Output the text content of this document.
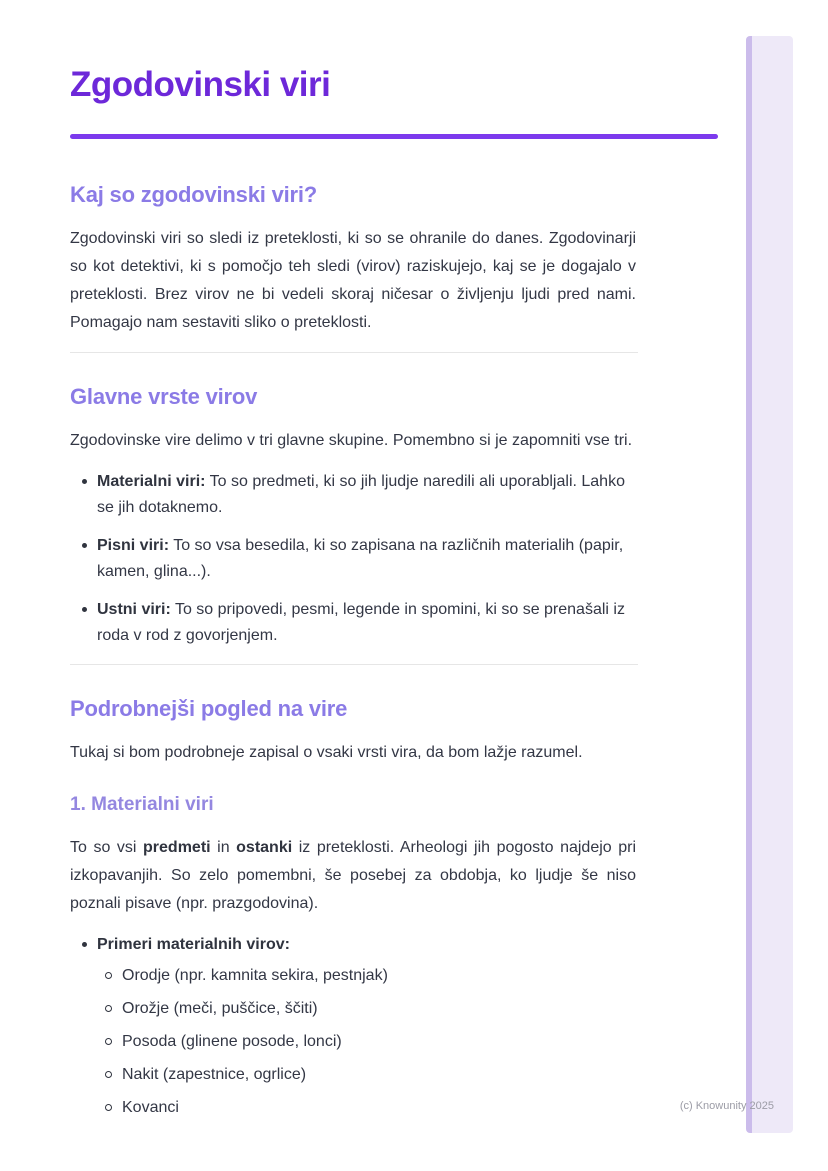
Zgodovinski viri
Kaj so zgodovinski viri?

Zgodovinski viri so sledi iz preteklosti, ki so se ohranile do danes. Zgodovinarji so kot detektivi, ki s pomočjo teh sledi (virov) raziskujejo, kaj se je dogajalo v preteklosti. Brez virov ne bi vedeli skoraj ničesar o življenju ljudi pred nami. Pomagajo nam sestaviti sliko o preteklosti.

Glavne vrste virov

Zgodovinske vire delimo v tri glavne skupine. Pomembno si je zapomniti vse tri.

Materialni viri: To so predmeti, ki so jih ljudje naredili ali uporabljali. Lahko se jih dotaknemo.
Pisni viri: To so vsa besedila, ki so zapisana na različnih materialih (papir, kamen, glina...).
Ustni viri: To so pripovedi, pesmi, legende in spomini, ki so se prenašali iz roda v rod z govorjenjem.
Podrobnejši pogled na vire

Tukaj si bom podrobneje zapisal o vsaki vrsti vira, da bom lažje razumel.

1. Materialni viri

To so vsi predmeti in ostanki iz preteklosti. Arheologi jih pogosto najdejo pri izkopavanjih. So zelo pomembni, še posebej za obdobja, ko ljudje še niso poznali pisave (npr. prazgodovina).

Primeri materialnih virov:
Orodje (npr. kamnita sekira, pestnjak)
Orožje (meči, puščice, ščiti)
Posoda (glinene posode, lonci)
Nakit (zapestnice, ogrlice)
Kovanci	(c) Knowunity 2025
